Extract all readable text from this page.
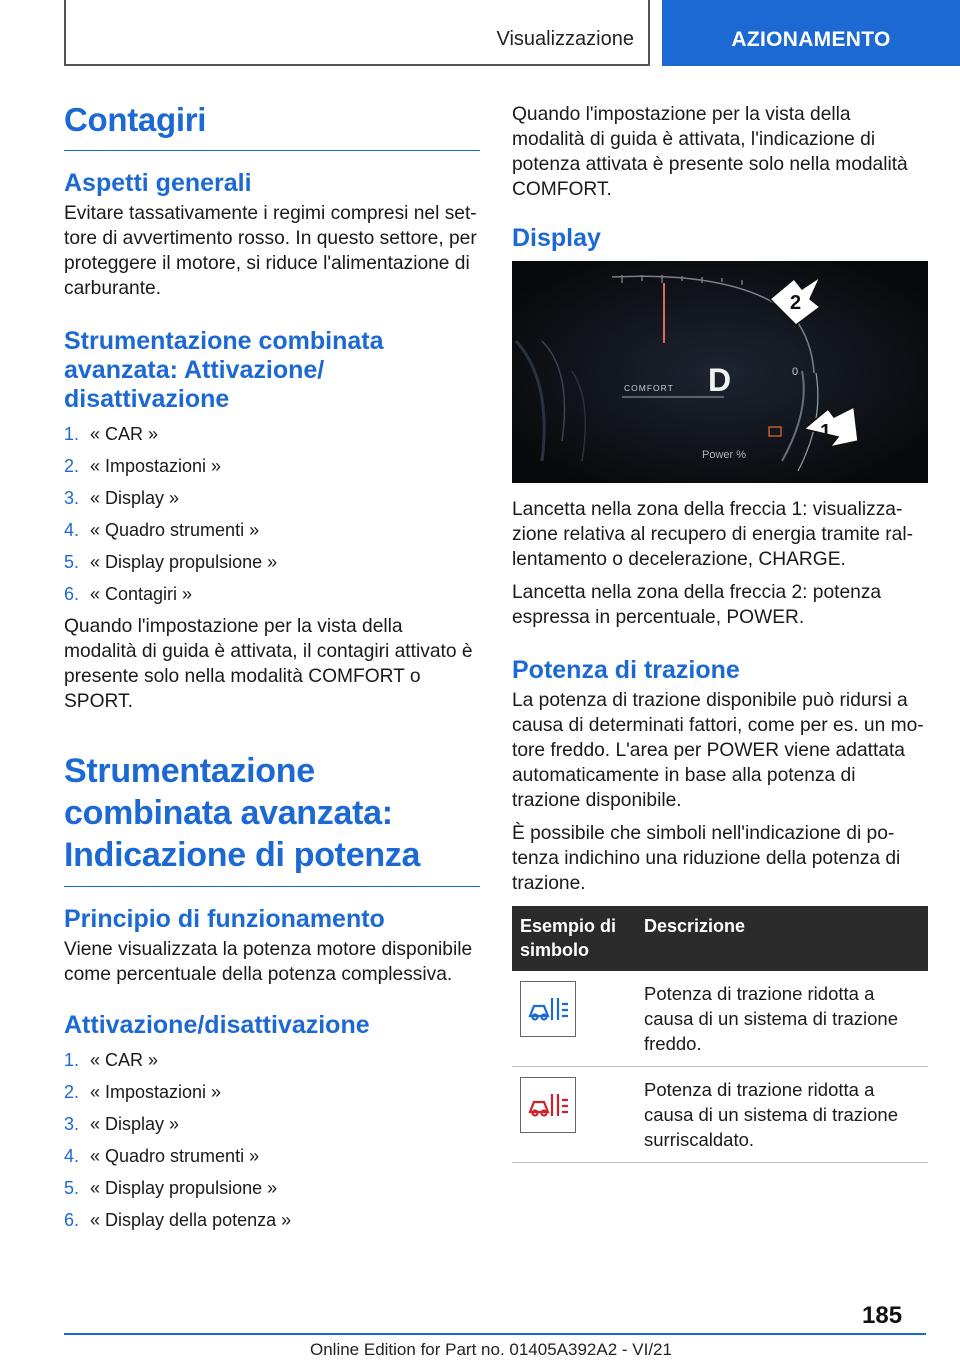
Visualizzazione	AZIONAMENTO
Contagiri
Aspetti generali

Evitare tassativamente i regimi compresi nel settore di avvertimento rosso. In questo settore, per proteggere il motore, si riduce l'alimentazione di carburante.

Strumentazione combinata avanzata: Attivazione/ disattivazione
1. « CAR »
2. « Impostazioni »
3. « Display »
4. « Quadro strumenti »
5. « Display propulsione »
6. « Contagiri »

Quando l'impostazione per la vista della modalità di guida è attivata, il contagiri attivato è presente solo nella modalità COMFORT o SPORT.

Strumentazione combinata avanzata: Indicazione di potenza
Principio di funzionamento

Viene visualizzata la potenza motore disponibile come percentuale della potenza complessiva.

Attivazione/disattivazione
1. « CAR »
2. « Impostazioni »
3. « Display »
4. « Quadro strumenti »
5. « Display propulsione »
6. « Display della potenza »

Quando l'impostazione per la vista della modalità di guida è attivata, l'indicazione di potenza attivata è presente solo nella modalità COMFORT.

Display
D
COMFORT
0
Power %
2
1

Lancetta nella zona della freccia 1: visualizzazione relativa al recupero di energia tramite rallentamento o decelerazione, CHARGE.

Lancetta nella zona della freccia 2: potenza espressa in percentuale, POWER.

Potenza di trazione

La potenza di trazione disponibile può ridursi a causa di determinati fattori, come per es. un motore freddo. L'area per POWER viene adattata automaticamente in base alla potenza di trazione disponibile.

È possibile che simboli nell'indicazione di potenza indichino una riduzione della potenza di trazione.

Esempio di simbolo	Descrizione

	Potenza di trazione ridotta a causa di un sistema di trazione freddo.

	Potenza di trazione ridotta a causa di un sistema di trazione surriscaldato.
185
Online Edition for Part no. 01405A392A2 - VI/21
